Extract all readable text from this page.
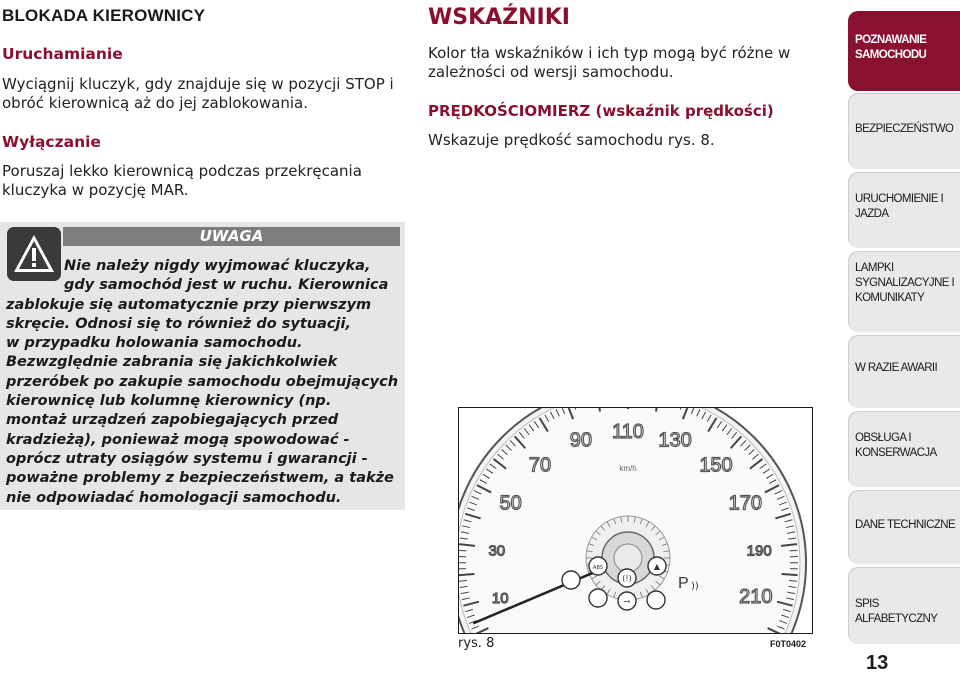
BLOKADA KIEROWNICY
Uruchamianie
Wyciągnij kluczyk, gdy znajduje się w pozycji STOP i
obróć kierownicą aż do jej zablokowania.
Wyłączanie
Poruszaj lekko kierownicą podczas przekręcania
kluczyka w pozycję MAR.
UWAGA
Nie należy nigdy wyjmować kluczyka,
gdy samochód jest w ruchu. Kierownica
zablokuje się automatycznie przy pierwszym
skręcie. Odnosi się to również do sytuacji,
w przypadku holowania samochodu.
Bezwzględnie zabrania się jakichkolwiek
przeróbek po zakupie samochodu obejmujących
kierownicę lub kolumnę kierownicy (np.
montaż urządzeń zapobiegających przed
kradzieżą), ponieważ mogą spowodować -
oprócz utraty osiągów systemu i gwarancji -
poważne problemy z bezpieczeństwem, a także
nie odpowiadać homologacji samochodu.
WSKAŹNIKI
Kolor tła wskaźników i ich typ mogą być różne w
zależności od wersji samochodu.
PRĘDKOŚCIOMIERZ (wskaźnik prędkości)
Wskazuje prędkość samochodu rys. 8.
10
30
50
70
90 110 130
150
170
190
210
km/h
ABS
(!)
▲
⊸
P ))
rys. 8	F0T0402
POZNAWANIE
SAMOCHODU
BEZPIECZEŃSTWO
URUCHOMIENIE I
JAZDA
LAMPKI
SYGNALIZACYJNE I
KOMUNIKATY
W RAZIE AWARII
OBSŁUGA I
KONSERWACJA
DANE TECHNICZNE
SPIS ALFABETYCZNY
13
